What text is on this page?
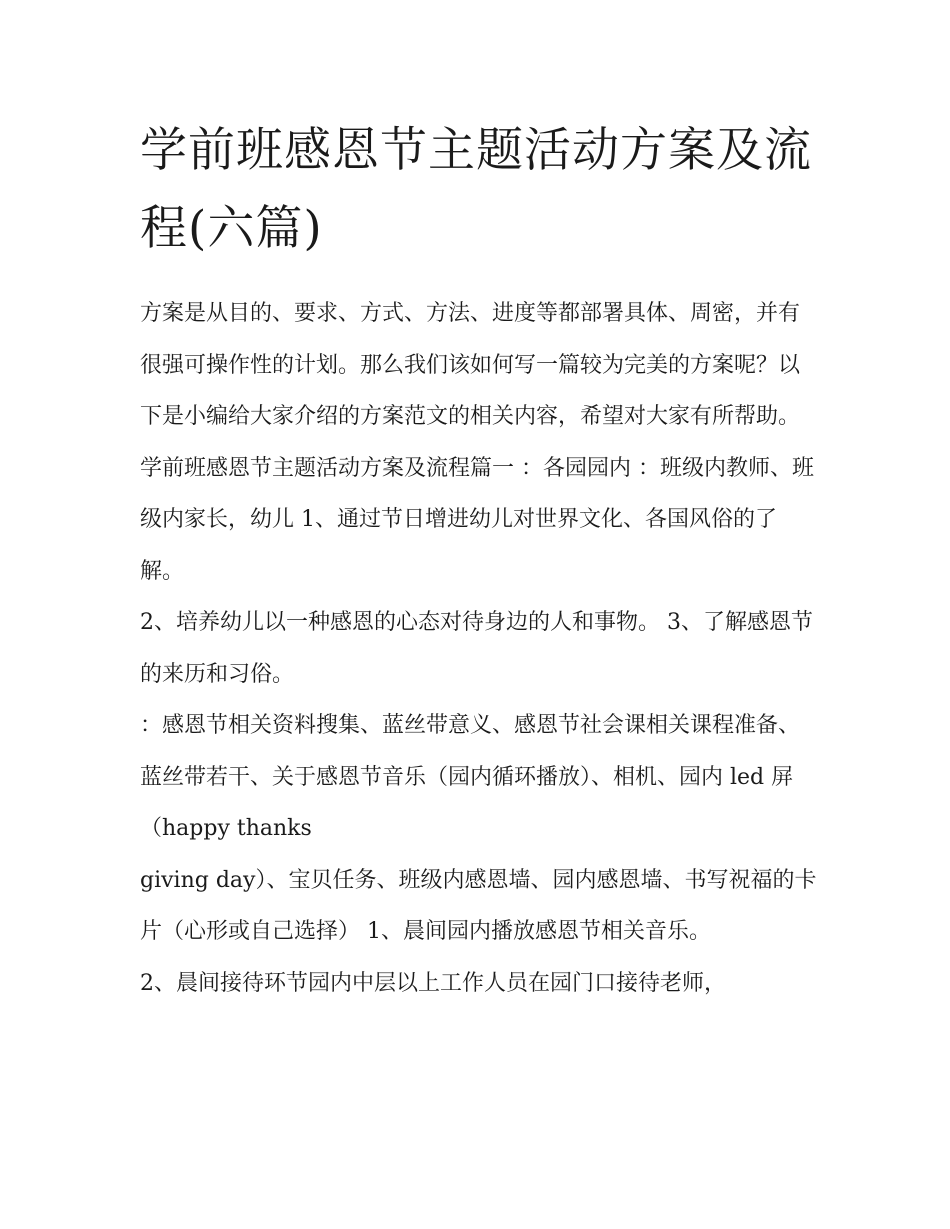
学前班感恩节主题活动方案及流程(六篇)

方案是从目的、要求、方式、方法、进度等都部署具体、周密，并有很强可操作性的计划。那么我们该如何写一篇较为完美的方案呢？以下是小编给大家介绍的方案范文的相关内容，希望对大家有所帮助。

学前班感恩节主题活动方案及流程篇一 ：各园园内 ：班级内教师、班级内家长，幼儿 1、通过节日增进幼儿对世界文化、各国风俗的了解。

2、培养幼儿以一种感恩的心态对待身边的人和事物。 3、了解感恩节的来历和习俗。

：感恩节相关资料搜集、蓝丝带意义、感恩节社会课相关课程准备、蓝丝带若干、关于感恩节音乐（园内循环播放）、相机、园内 led 屏（happy thanks

giving day）、宝贝任务、班级内感恩墙、园内感恩墙、书写祝福的卡片（心形或自己选择） 1、晨间园内播放感恩节相关音乐。

2、晨间接待环节园内中层以上工作人员在园门口接待老师，
